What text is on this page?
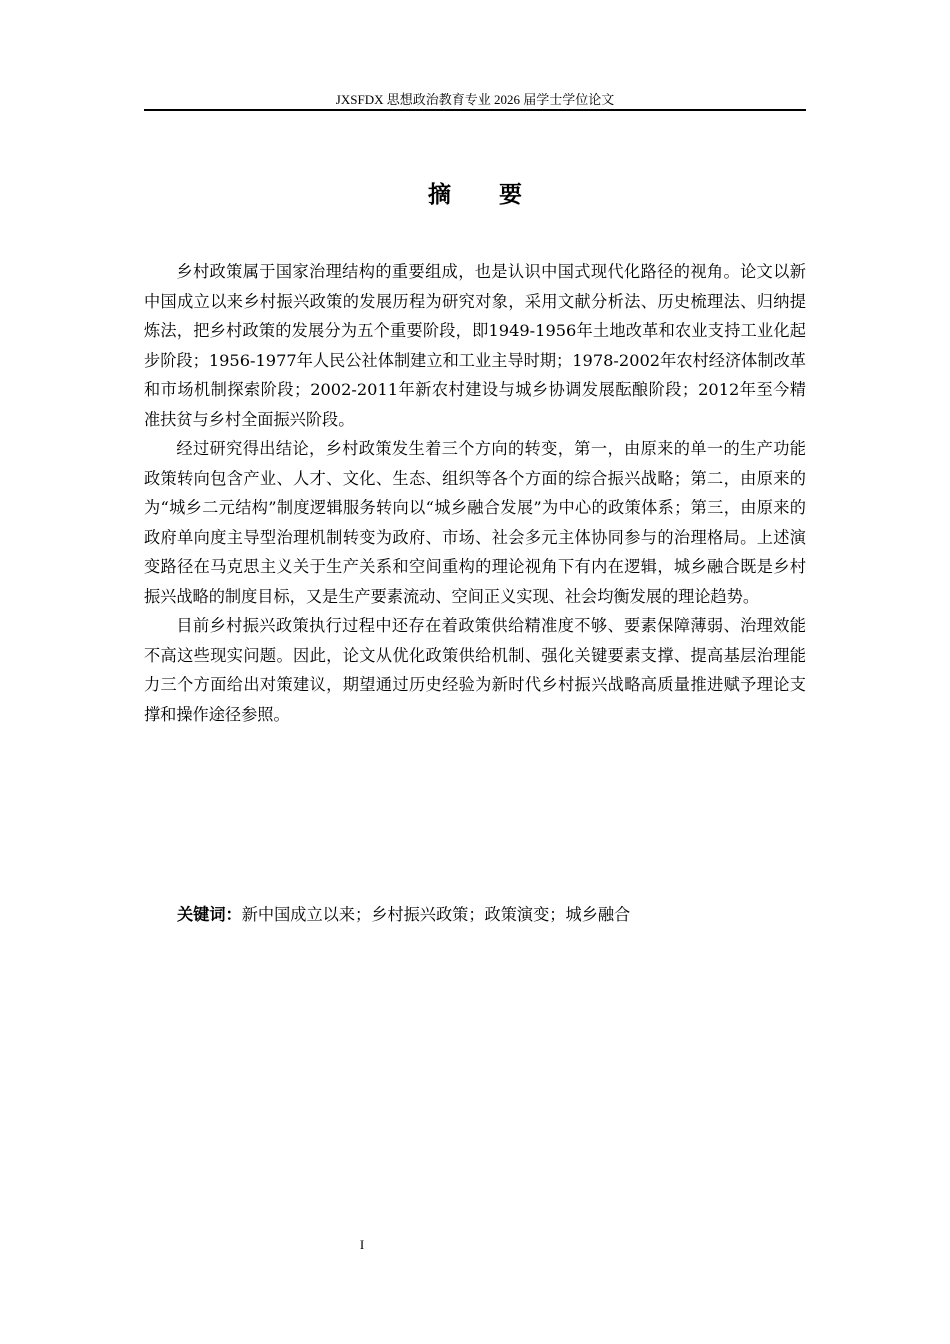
JXSFDX 思想政治教育专业 2026 届学士学位论文
摘 要

乡村政策属于国家治理结构的重要组成，也是认识中国式现代化路径的视角。论文以新中国成立以来乡村振兴政策的发展历程为研究对象，采用文献分析法、历史梳理法、归纳提炼法，把乡村政策的发展分为五个重要阶段，即1949-1956年土地改革和农业支持工业化起步阶段；1956-1977年人民公社体制建立和工业主导时期；1978-2002年农村经济体制改革和市场机制探索阶段；2002-2011年新农村建设与城乡协调发展酝酿阶段；2012年至今精准扶贫与乡村全面振兴阶段。

经过研究得出结论，乡村政策发生着三个方向的转变，第一，由原来的单一的生产功能政策转向包含产业、人才、文化、生态、组织等各个方面的综合振兴战略；第二，由原来的为“城乡二元结构”制度逻辑服务转向以“城乡融合发展”为中心的政策体系；第三，由原来的政府单向度主导型治理机制转变为政府、市场、社会多元主体协同参与的治理格局。上述演变路径在马克思主义关于生产关系和空间重构的理论视角下有内在逻辑，城乡融合既是乡村振兴战略的制度目标，又是生产要素流动、空间正义实现、社会均衡发展的理论趋势。

目前乡村振兴政策执行过程中还存在着政策供给精准度不够、要素保障薄弱、治理效能不高这些现实问题。因此，论文从优化政策供给机制、强化关键要素支撑、提高基层治理能力三个方面给出对策建议，期望通过历史经验为新时代乡村振兴战略高质量推进赋予理论支撑和操作途径参照。

关键词：新中国成立以来；乡村振兴政策；政策演变；城乡融合
I
